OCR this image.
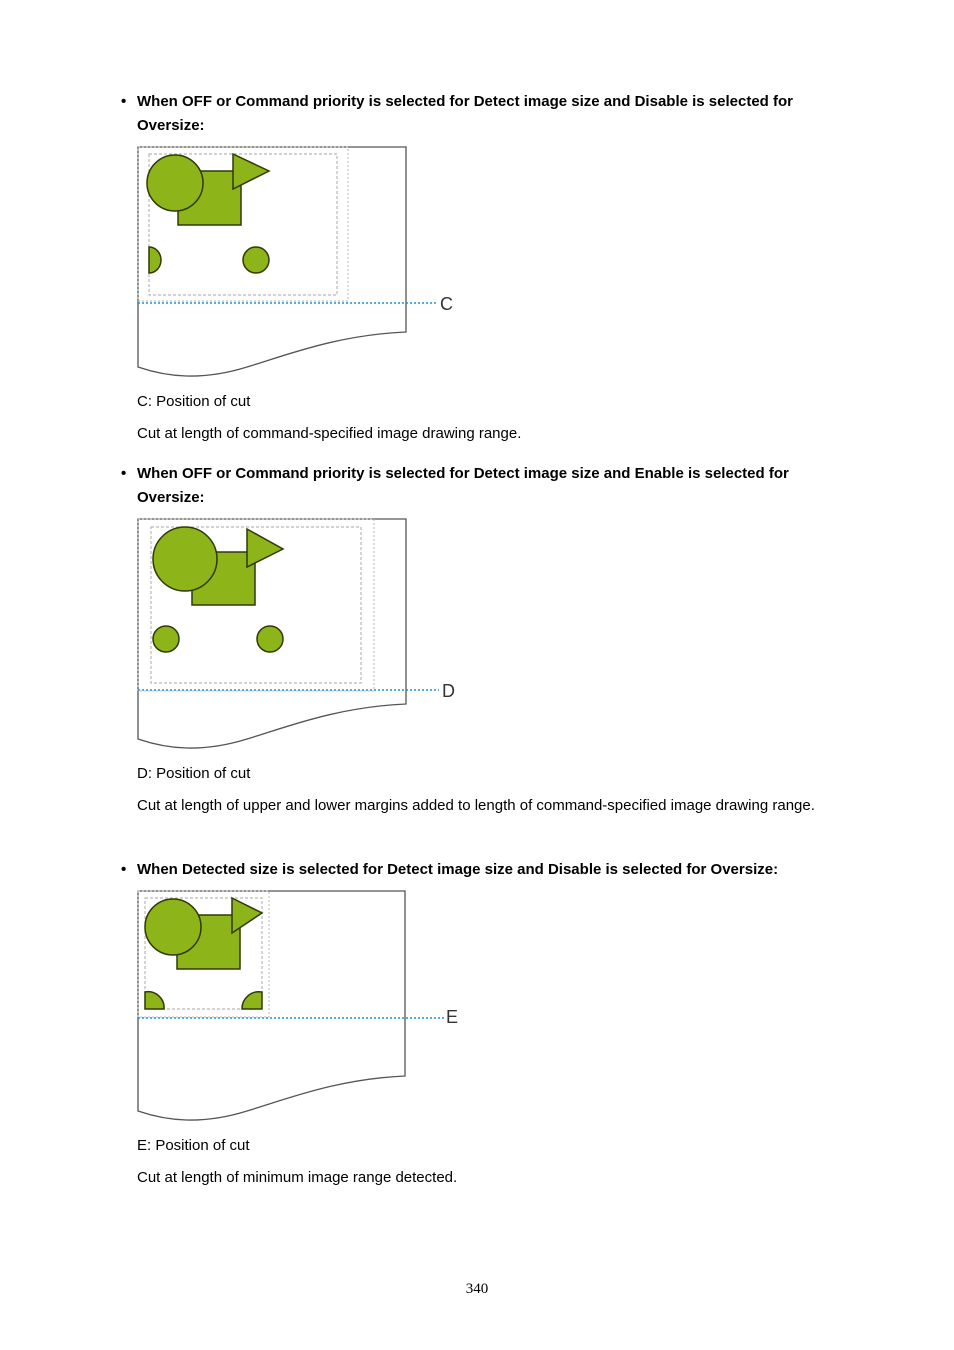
• When OFF or Command priority is selected for Detect image size and Disable is selected for Oversize:
C
C: Position of cut
Cut at length of command-specified image drawing range.
• When OFF or Command priority is selected for Detect image size and Enable is selected for Oversize:
D
D: Position of cut
Cut at length of upper and lower margins added to length of command-specified image drawing range.
• When Detected size is selected for Detect image size and Disable is selected for Oversize:
E
E: Position of cut
Cut at length of minimum image range detected.
340
